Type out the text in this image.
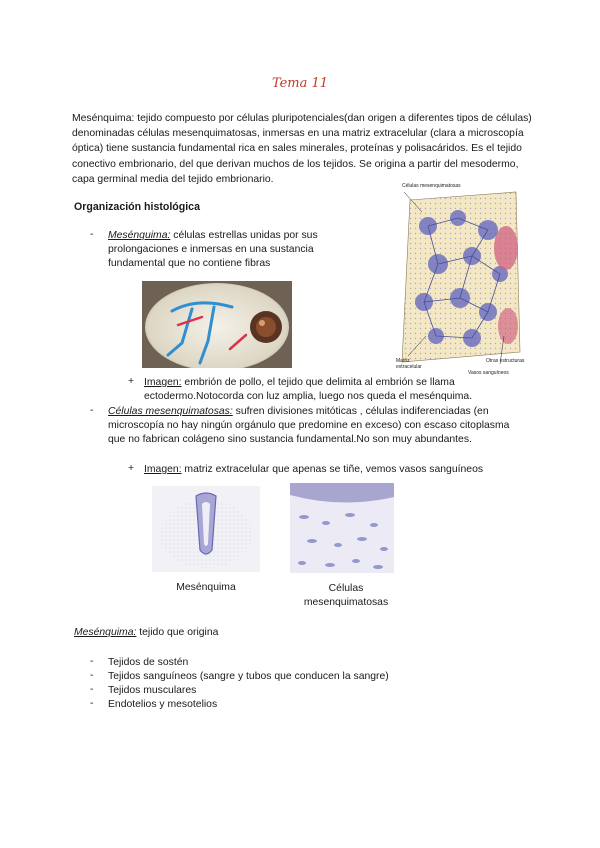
Tema 11
Mesénquima: tejido compuesto por células pluripotenciales(dan origen a diferentes tipos de células) denominadas células mesenquimatosas, inmersas en una matriz extracelular (clara a microscopía óptica) tiene sustancia fundamental rica en sales minerales, proteínas y polisacáridos. Es el tejido conectivo embrionario, del que derivan muchos de los tejidos. Se origina a partir del mesodermo, capa germinal media del tejido embrionario.
Organización histológica
- Mesénquima: células estrellas unidas por sus prolongaciones e inmersas en una sustancia fundamental que no contiene fibras
Células mesenquimatosas
Matriz extracelular
Otras estructuras
Vasos sanguíneos
+ Imagen: embrión de pollo, el tejido que delimita al embrión se llama ectodermo.Notocorda con luz amplia, luego nos queda el mesénquima.
- Células mesenquimatosas: sufren divisiones mitóticas , células indiferenciadas (en microscopía no hay ningún orgánulo que predomine en exceso) con escaso citoplasma que no fabrican colágeno sino sustancia fundamental.No son muy abundantes.
+ Imagen: matriz extracelular que apenas se tiñe, vemos vasos sanguíneos
Mesénquima	Células mesenquimatosas
Mesénquima: tejido que origina
- Tejidos de sostén
- Tejidos sanguíneos (sangre y tubos que conducen la sangre)
- Tejidos musculares
- Endotelios y mesotelios
